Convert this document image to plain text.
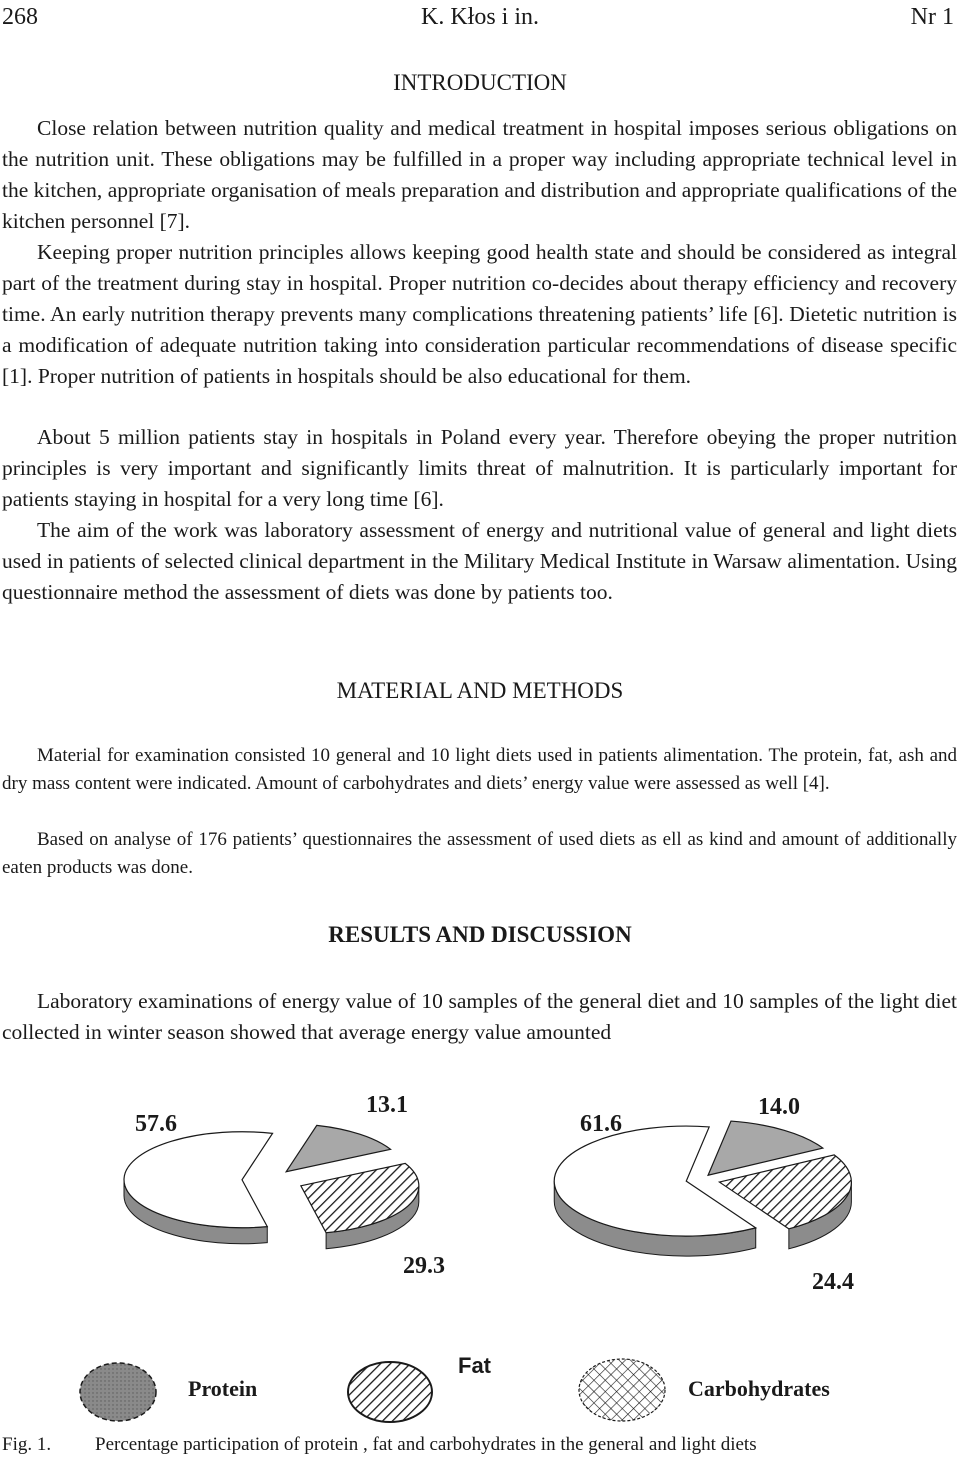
268	K. Kłos i in.	Nr 1
INTRODUCTION

Close relation between nutrition quality and medical treatment in hospital imposes serious obligations on the nutrition unit. These obligations may be fulfilled in a proper way including appropriate technical level in the kitchen, appropriate organisation of meals preparation and distribution and appropriate qualifications of the kitchen personnel [7].

Keeping proper nutrition principles allows keeping good health state and should be considered as integral part of the treatment during stay in hospital. Proper nutrition co-decides about therapy efficiency and recovery time. An early nutrition therapy prevents many complications threatening patients’ life [6]. Dietetic nutrition is a modification of adequate nutrition taking into consideration particular recommendations of disease specific [1]. Proper nutrition of patients in hospitals should be also educational for them.

About 5 million patients stay in hospitals in Poland every year. Therefore obeying the proper nutrition principles is very important and significantly limits threat of malnutrition. It is particularly important for patients staying in hospital for a very long time [6].

The aim of the work was laboratory assessment of energy and nutritional value of general and light diets used in patients of selected clinical department in the Military Medical Institute in Warsaw alimentation. Using questionnaire method the assessment of diets was done by patients too.

MATERIAL AND METHODS

Material for examination consisted 10 general and 10 light diets used in patients alimentation. The protein, fat, ash and dry mass content were indicated. Amount of carbohydrates and diets’ energy value were assessed as well [4].

Based on analyse of 176 patients’ questionnaires the assessment of used diets as ell as kind and amount of additionally eaten products was done.

RESULTS AND DISCUSSION

Laboratory examinations of energy value of 10 samples of the general diet and 10 samples of the light diet collected in winter season showed that average energy value amounted

13.1
29.3
57.6
14.0
24.4
61.6
Protein
Fat
Carbohydrates
Fig. 1. Percentage participation of protein , fat and carbohydrates in the general and light diets
